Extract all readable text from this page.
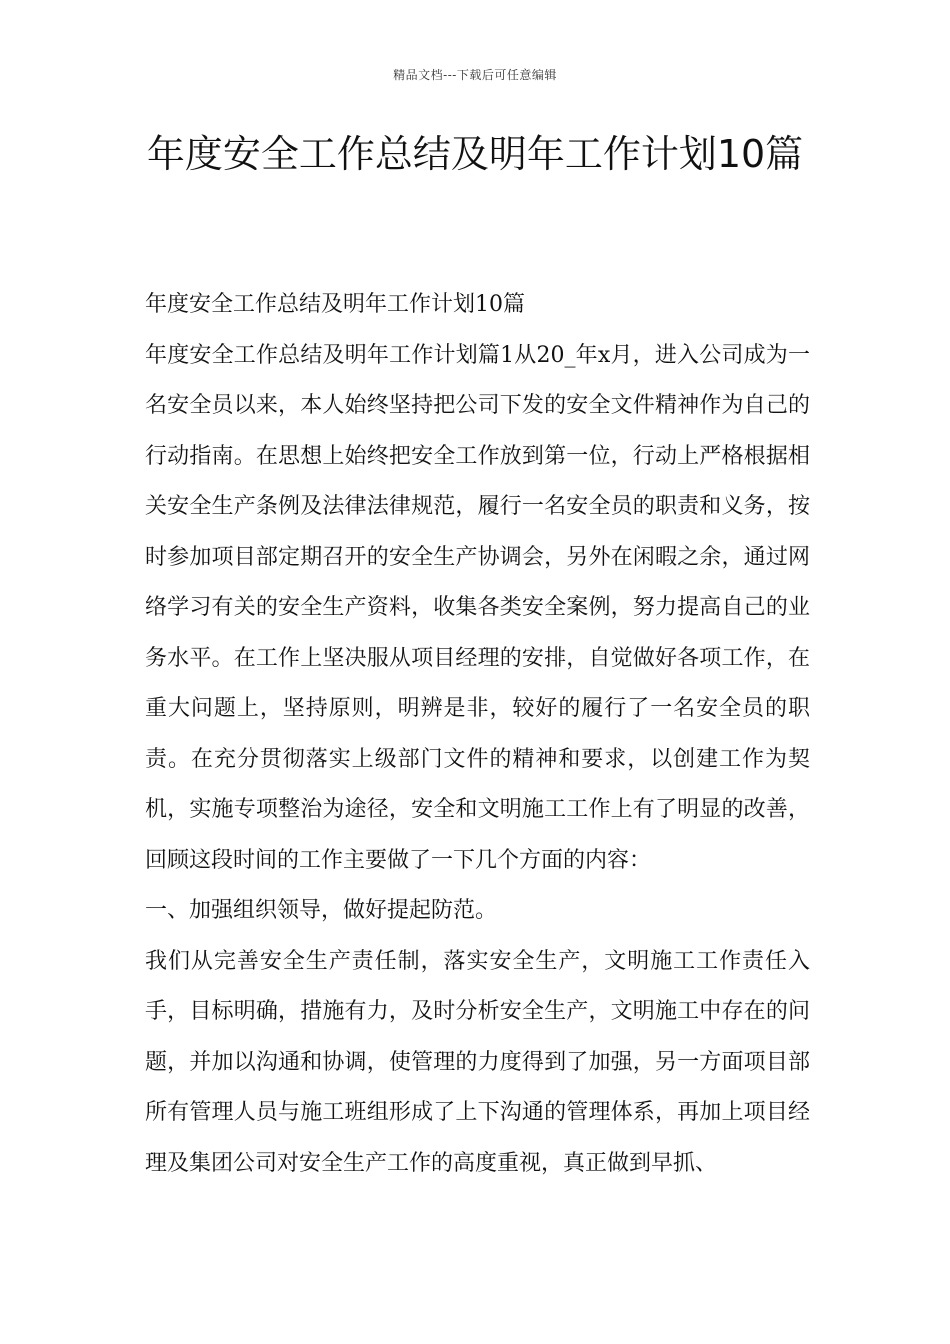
精品文档---下载后可任意编辑
年度安全工作总结及明年工作计划10篇

年度安全工作总结及明年工作计划10篇

年度安全工作总结及明年工作计划篇1从20_年x月，进入公司成为一名安全员以来，本人始终坚持把公司下发的安全文件精神作为自己的行动指南。在思想上始终把安全工作放到第一位，行动上严格根据相关安全生产条例及法律法律规范，履行一名安全员的职责和义务，按时参加项目部定期召开的安全生产协调会，另外在闲暇之余，通过网络学习有关的安全生产资料，收集各类安全案例，努力提高自己的业务水平。在工作上坚决服从项目经理的安排，自觉做好各项工作，在重大问题上，坚持原则，明辨是非，较好的履行了一名安全员的职责。在充分贯彻落实上级部门文件的精神和要求，以创建工作为契机，实施专项整治为途径，安全和文明施工工作上有了明显的改善，回顾这段时间的工作主要做了一下几个方面的内容：

一、加强组织领导，做好提起防范。

我们从完善安全生产责任制，落实安全生产，文明施工工作责任入手，目标明确，措施有力，及时分析安全生产，文明施工中存在的问题，并加以沟通和协调，使管理的力度得到了加强，另一方面项目部所有管理人员与施工班组形成了上下沟通的管理体系，再加上项目经理及集团公司对安全生产工作的高度重视，真正做到早抓、
